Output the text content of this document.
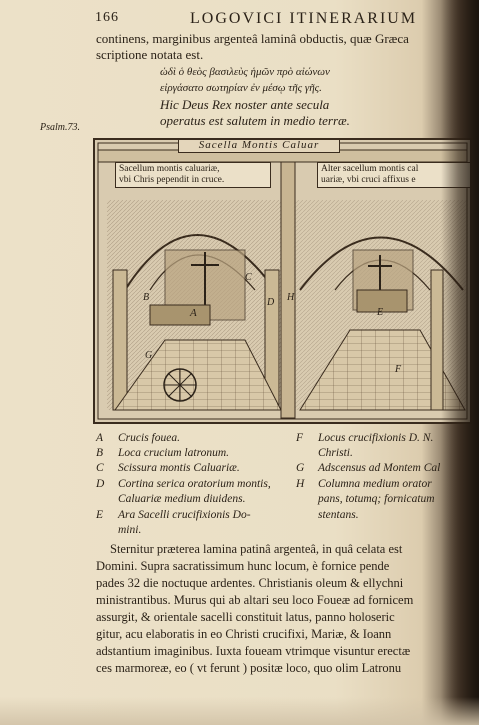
166	LOGOVICI ITINERARIUM
continens, marginibus argenteâ laminâ obductis, quæ Græca
scriptione notata est.
ὡδὶ ὁ θεὸς βασιλεὺς ἡμῶν πρὸ αἰώνων
εἰργάσατο σωτηρίαν ἐν μέσῳ τῆς γῆς.
Hic Deus Rex noster ante secula
operatus est salutem in medio terræ.
Psalm.73.
A
B
C
D
E
F
G
H
Sacella Montis Caluar
Sacellum montis caluariæ,
vbi Chris pependit in cruce.
Alter sacellum montis cal
uariæ, vbi cruci affixus e
A Crucis fouea.
B Loca crucium latronum.
C Scissura montis Caluariæ.
D Cortina serica oratorium montis,
Caluariæ medium diuidens.
E Ara Sacelli crucifixionis Do-
mini.
F Locus crucifixionis D. N.
Christi.
G Adscensus ad Montem Cal
H Columna medium orator
pans, totumq; fornicatum
stentans.
Sternitur præterea lamina patinâ argenteâ, in quâ celata est
Domini. Supra sacratissimum hunc locum, è fornice pende
pades 32 die noctuque ardentes. Christianis oleum & ellychni
ministrantibus. Murus qui ab altari seu loco Foueæ ad fornicem
assurgit, & orientale sacelli constituit latus, panno holoseric
gitur, acu elaboratis in eo Christi crucifixi, Mariæ, & Ioann
adstantium imaginibus. Iuxta foueam vtrimque visuntur erectæ
ces marmoreæ, eo ( vt ferunt ) positæ loco, quo olim Latronu
